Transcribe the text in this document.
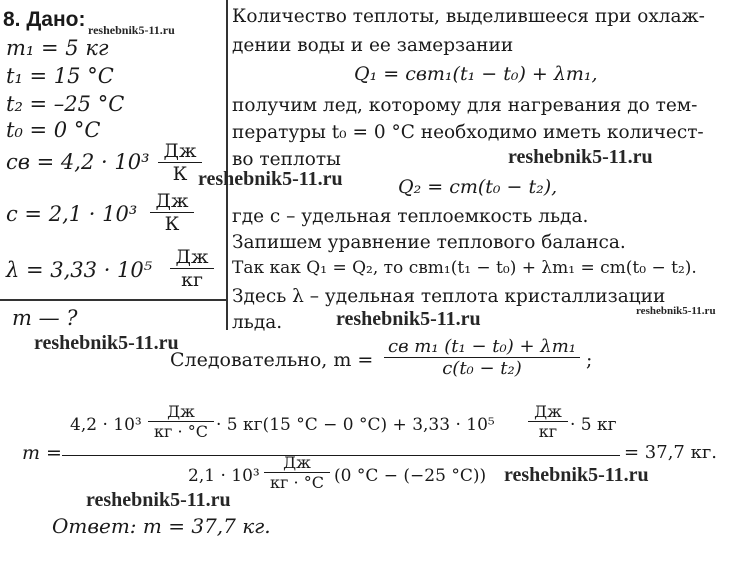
8. Дано:
m₁ = 5 кг
t₁ = 15 °C
t₂ = –25 °C
t₀ = 0 °C
cв = 4,2 · 10³ Дж
К
c = 2,1 · 10³
Дж
К
λ = 3,33 · 10⁵
Дж
кг
m — ?
Количество теплоты, выделившееся при охлаж-
дении воды и ее замерзании
Q₁ = cвm₁(t₁ − t₀) + λm₁,
получим лед, которому для нагревания до тем-
пературы t₀ = 0 °C необходимо иметь количест-
во теплоты
Q₂ = cm(t₀ − t₂),
где c – удельная теплоемкость льда.
Запишем уравнение теплового баланса.
Так как Q₁ = Q₂, то cвm₁(t₁ − t₀) + λm₁ = cm(t₀ − t₂).
Здесь λ – удельная теплота кристаллизации
льда.
Следовательно, m =
cв m₁ (t₁ − t₀) + λm₁
c(t₀ − t₂)	;
m =
4,2 · 10³
Дж
кг · °C · 5 кг(15 °C − 0 °C) + 3,33 · 10⁵
Дж
кг · 5 кг
2,1 · 10³
Дж
кг · °C (0 °C − (−25 °C))
= 37,7 кг.
Ответ: m = 37,7 кг.
reshebnik5-11.ru
reshebnik5-11.ru
reshebnik5-11.ru
reshebnik5-11.ru
reshebnik5-11.ru
reshebnik5-11.ru
reshebnik5-11.ru
reshebnik5-11.ru
